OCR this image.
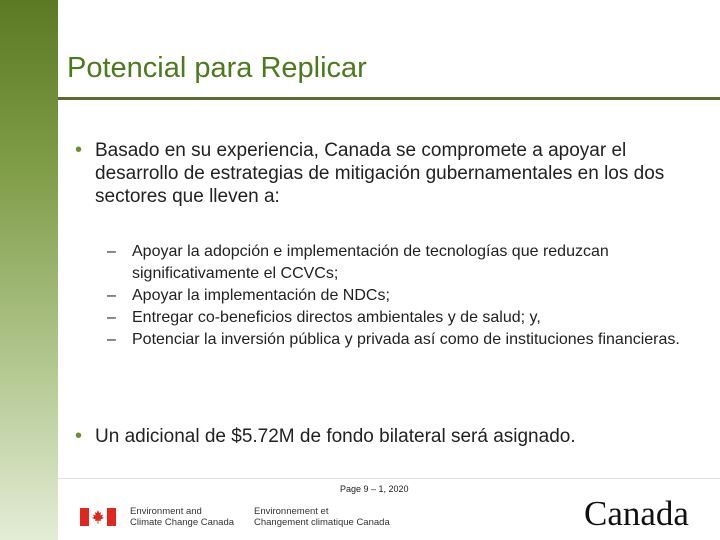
Potencial para Replicar
• Basado en su experiencia, Canada se compromete a apoyar el desarrollo de estrategias de mitigación gubernamentales en los dos sectores que lleven a:
– Apoyar la adopción e implementación de tecnologías que reduzcan significativamente el CCVCs;
– Apoyar la implementación de NDCs;
– Entregar co-beneficios directos ambientales y de salud; y,
– Potenciar la inversión pública y privada así como de instituciones financieras.
• Un adicional de $5.72M de fondo bilateral será asignado.
Page 9 – 1, 2020
Environment and
Climate Change Canada
Environnement et
Changement climatique Canada	Canada
